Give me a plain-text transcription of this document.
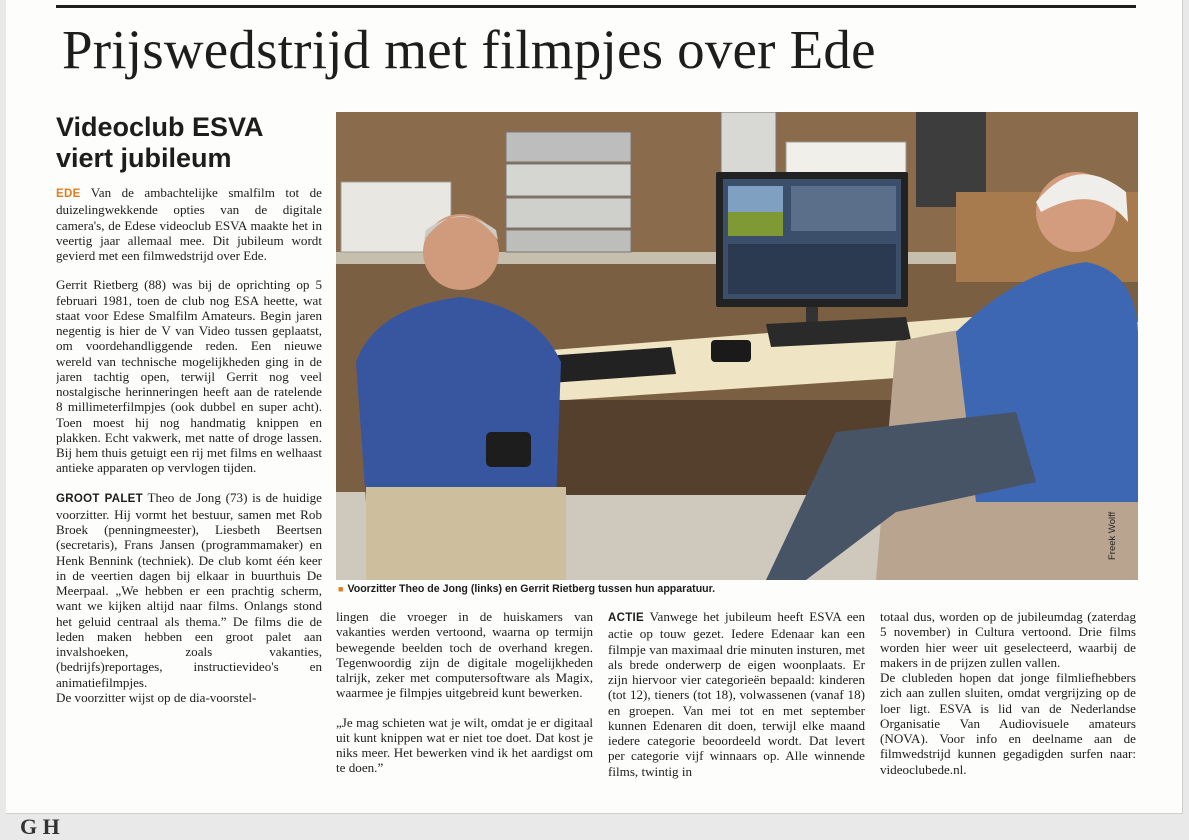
Prijswedstrijd met filmpjes over Ede
Videoclub ESVA viert jubileum

EDE Van de ambachtelijke smalfilm tot de duizelingwekkende opties van de digitale camera's, de Edese videoclub ESVA maakte het in veertig jaar allemaal mee. Dit jubileum wordt gevierd met een filmwedstrijd over Ede.

Gerrit Rietberg (88) was bij de oprichting op 5 februari 1981, toen de club nog ESA heette, wat staat voor Edese Smalfilm Amateurs. Begin jaren negentig is hier de V van Video tussen geplaatst, om voordehandliggende reden. Een nieuwe wereld van technische mogelijkheden ging in de jaren tachtig open, terwijl Gerrit nog veel nostalgische herinneringen heeft aan de ratelende 8 millimeterfilmpjes (ook dubbel en super acht). Toen moest hij nog handmatig knippen en plakken. Echt vakwerk, met natte of droge lassen. Bij hem thuis getuigt een rij met films en welhaast antieke apparaten op vervlogen tijden.

GROOT PALET Theo de Jong (73) is de huidige voorzitter. Hij vormt het bestuur, samen met Rob Broek (penningmeester), Liesbeth Beertsen (secretaris), Frans Jansen (programmamaker) en Henk Bennink (techniek). De club komt één keer in de veertien dagen bij elkaar in buurthuis De Meerpaal. „We hebben er een prachtig scherm, want we kijken altijd naar films. Onlangs stond het geluid centraal als thema.” De films die de leden maken hebben een groot palet aan invalshoeken, zoals vakanties, (bedrijfs)reportages, instructievideo's en animatiefilmpjes.

De voorzitter wijst op de dia-voorstel-

Freek Wolff
■ Voorzitter Theo de Jong (links) en Gerrit Rietberg tussen hun apparatuur.

lingen die vroeger in de huiskamers van vakanties werden vertoond, waarna op termijn bewegende beelden toch de overhand kregen. Tegenwoordig zijn de digitale mogelijkheden talrijk, zeker met computersoftware als Magix, waarmee je filmpjes uitgebreid kunt bewerken.

„Je mag schieten wat je wilt, omdat je er digitaal uit kunt knippen wat er niet toe doet. Dat kost je niks meer. Het bewerken vind ik het aardigst om te doen.”

ACTIE Vanwege het jubileum heeft ESVA een actie op touw gezet. Iedere Edenaar kan een filmpje van maximaal drie minuten insturen, met als brede onderwerp de eigen woonplaats. Er zijn hiervoor vier categorieën bepaald: kinderen (tot 12), tieners (tot 18), volwassenen (vanaf 18) en groepen. Van mei tot en met september kunnen Edenaren dit doen, terwijl elke maand iedere categorie beoordeeld wordt. Dat levert per categorie vijf winnaars op. Alle winnende films, twintig in

totaal dus, worden op de jubileumdag (zaterdag 5 november) in Cultura vertoond. Drie films worden hier weer uit geselecteerd, waarbij de makers in de prijzen zullen vallen.

De clubleden hopen dat jonge filmliefhebbers zich aan zullen sluiten, omdat vergrijzing op de loer ligt. ESVA is lid van de Nederlandse Organisatie Van Audiovisuele amateurs (NOVA). Voor info en deelname aan de filmwedstrijd kunnen gegadigden surfen naar: videoclubede.nl.

G H
